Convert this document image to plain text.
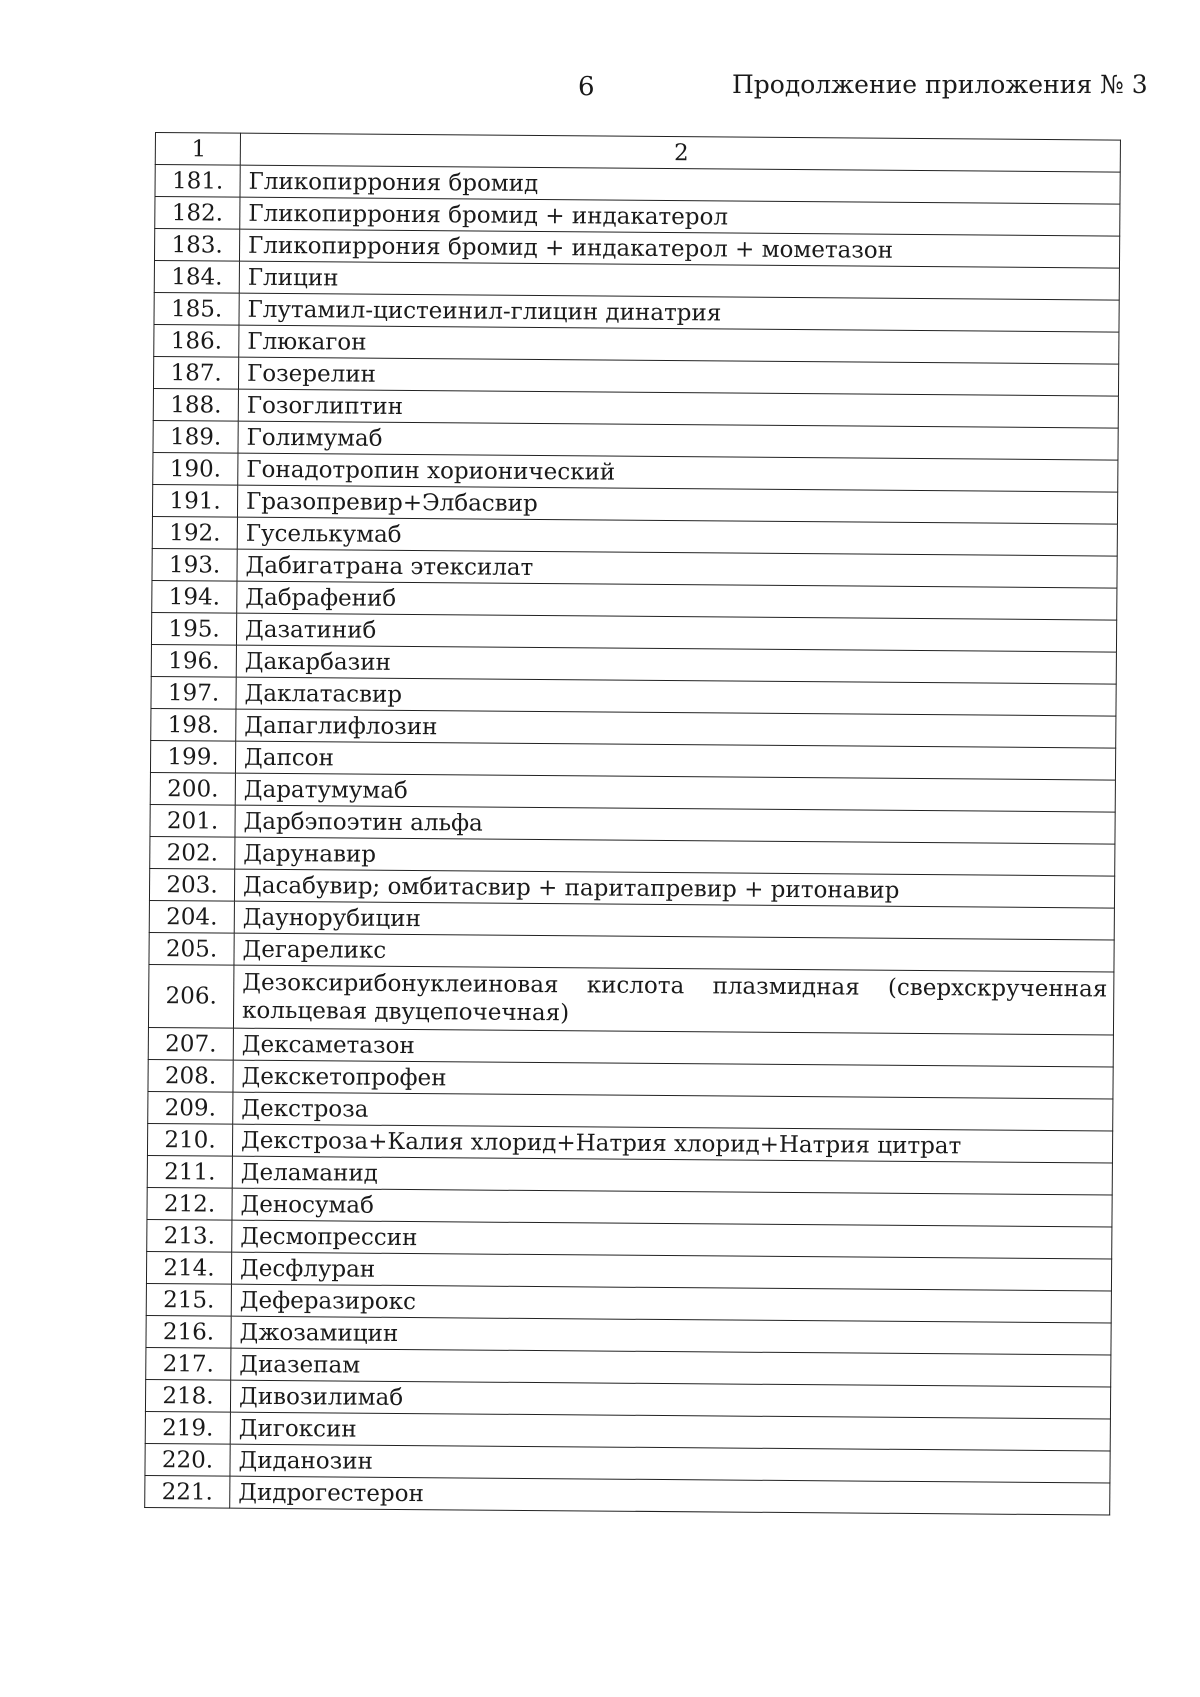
6	Продолжение приложения № 3
1	2
181.	Гликопиррония бромид
182.	Гликопиррония бромид + индакатерол
183.	Гликопиррония бромид + индакатерол + мометазон
184.	Глицин
185.	Глутамил-цистеинил-глицин динатрия
186.	Глюкагон
187.	Гозерелин
188.	Гозоглиптин
189.	Голимумаб
190.	Гонадотропин хорионический
191.	Гразопревир+Элбасвир
192.	Гуселькумаб
193.	Дабигатрана этексилат
194.	Дабрафениб
195.	Дазатиниб
196.	Дакарбазин
197.	Даклатасвир
198.	Дапаглифлозин
199.	Дапсон
200.	Даратумумаб
201.	Дарбэпоэтин альфа
202.	Дарунавир
203.	Дасабувир; омбитасвир + паритапревир + ритонавир
204.	Даунорубицин
205.	Дегареликс
206.	Дезоксирибонуклеиновая кислота плазмидная (сверхскрученная кольцевая двуцепочечная)
207.	Дексаметазон
208.	Декскетопрофен
209.	Декстроза
210.	Декстроза+Калия хлорид+Натрия хлорид+Натрия цитрат
211.	Деламанид
212.	Деносумаб
213.	Десмопрессин
214.	Десфлуран
215.	Деферазирокс
216.	Джозамицин
217.	Диазепам
218.	Дивозилимаб
219.	Дигоксин
220.	Диданозин
221.	Дидрогестерон
